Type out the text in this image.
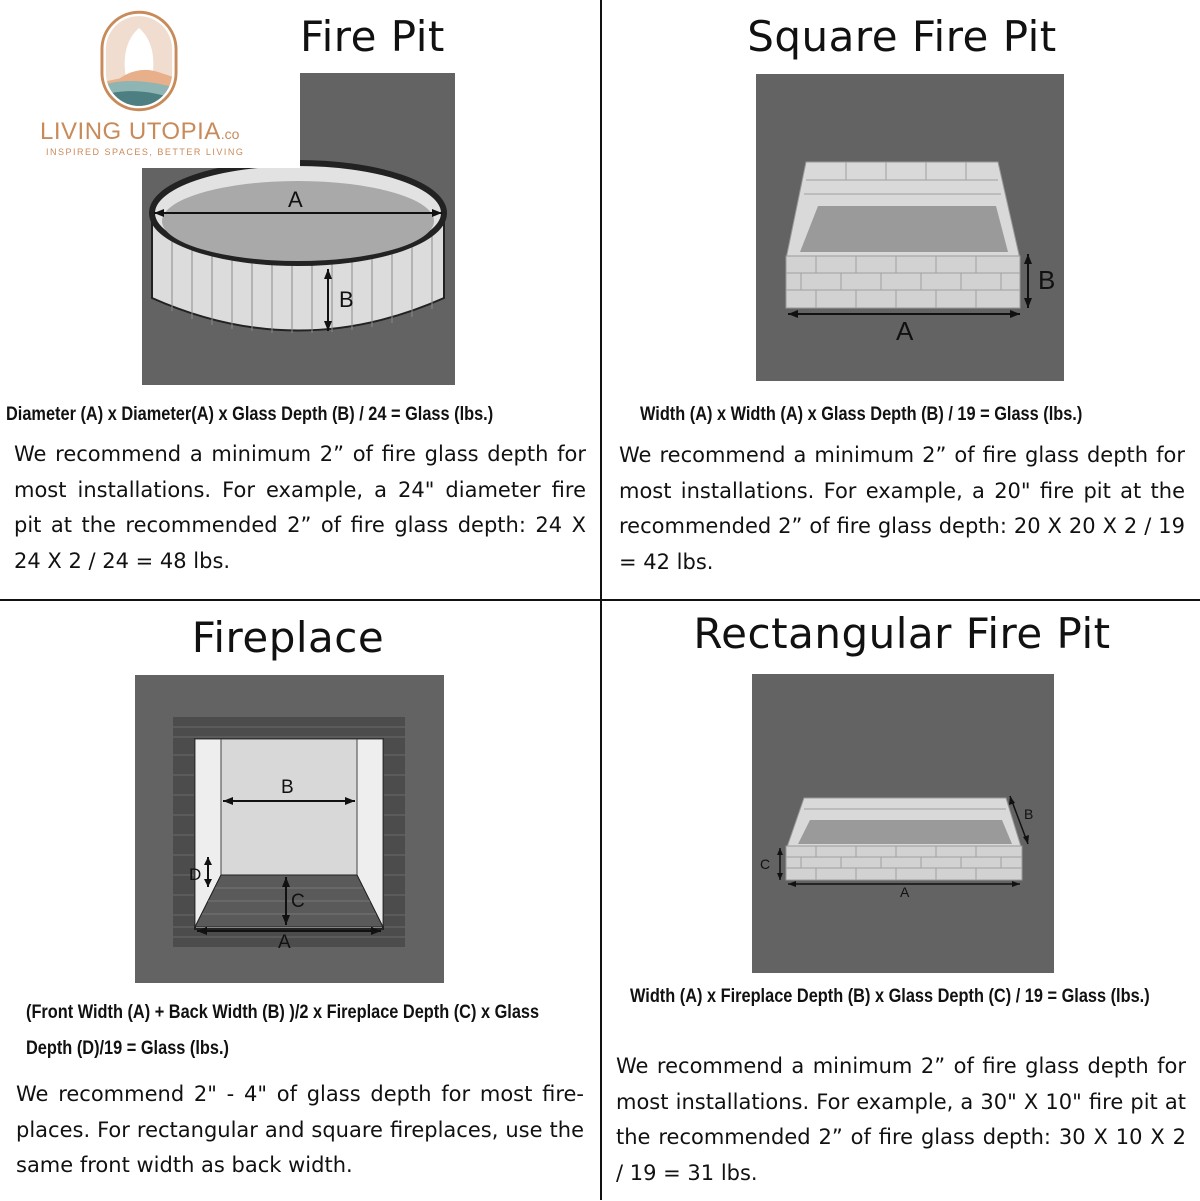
Fire Pit
A
B
Diameter (A) x Diameter(A) x Glass Depth (B) / 24 = Glass (lbs.)
We recommend a minimum 2” of fire glass depth for most installations. For example, a 24" diameter fire pit at the recommended 2” of fire glass depth: 24 X 24 X 2 / 24 = 48 lbs.
LIVING UTOPIA.co
INSPIRED SPACES, BETTER LIVING
Square Fire Pit
A
B
Width (A) x Width (A) x Glass Depth (B) / 19 = Glass (lbs.)
We recommend a minimum 2” of fire glass depth for most installations. For example, a 20" fire pit at the recommended 2” of fire glass depth: 20 X 20 X 2 / 19 = 42 lbs.
Fireplace
B
C
D
A
(Front Width (A) + Back Width (B) )/2 x Fireplace Depth (C) x Glass Depth (D)/19 = Glass (lbs.)
We recommend 2" - 4" of glass depth for most fire-places. For rectangular and square fireplaces, use the same front width as back width.
Rectangular Fire Pit
A
B
C
Width (A) x Fireplace Depth (B) x Glass Depth (C) / 19 = Glass (lbs.)
We recommend a minimum 2” of fire glass depth for most installations. For example, a 30" X 10" fire pit at the recommended 2” of fire glass depth: 30 X 10 X 2 / 19 = 31 lbs.
